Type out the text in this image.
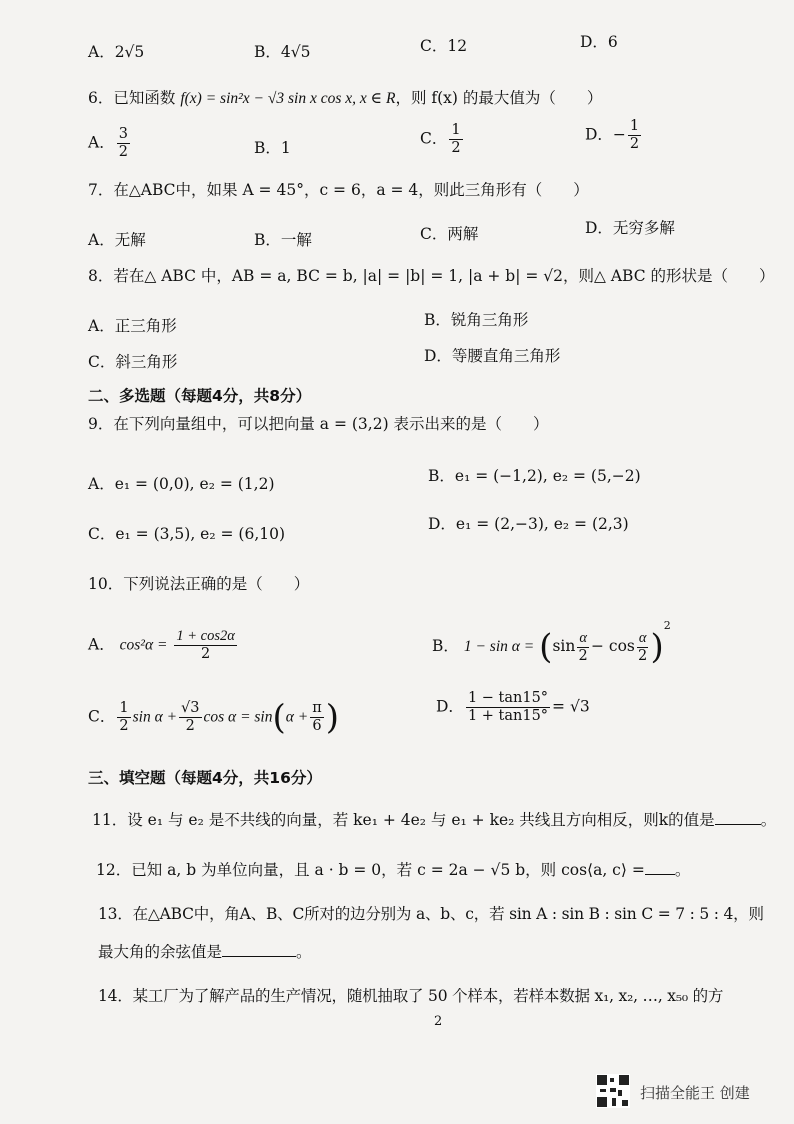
A．2√5	B．4√5	C．12	D．6
6．已知函数 f(x) = sin²x − √3 sin x cos x, x ∈ R，则 f(x) 的最大值为（　　）
A． $\frac{3}{2}$	B．1
C． $\frac{1}{2}$	D．− $\frac{1}{2}$
7．在△ABC中，如果 A = 45°，c = 6，a = 4，则此三角形有（　　）
A．无解	B．一解	C．两解	D．无穷多解
8．若在△ ABC 中，AB = a, BC = b, |a| = |b| = 1, |a + b| = √2，则△ ABC 的形状是（　　）
A．正三角形	B．锐角三角形
C．斜三角形	D．等腰直角三角形
二、多选题（每题4分，共8分）
9．在下列向量组中，可以把向量 a = (3,2) 表示出来的是（　　）
A．e₁ = (0,0), e₂ = (1,2)	B．e₁ = (−1,2), e₂ = (5,−2)
C．e₁ = (3,5), e₂ = (6,10)
D．e₁ = (2,−3), e₂ = (2,3)
10．下列说法正确的是（　　）
A． $\cos^2\alpha = \frac{1 + \cos 2\alpha}{2}$	B． $1 - \sin \alpha = (\sin \frac{\alpha}{2} - \cos \frac{\alpha}{2} )^2$
C． $\frac{1}{2}$ $\sin \alpha + \frac{√3}{2}$ $\cos \alpha = \sin(\alpha + \frac{\pi}{6}$ )	D． $\frac{1 - \tan 15^\circ}{1 + \tan 15^\circ} = √3$
三、填空题（每题4分，共16分）
11．设 e₁ 与 e₂ 是不共线的向量，若 ke₁ + 4e₂ 与 e₁ + ke₂ 共线且方向相反，则k的值是	。
12．已知 a, b 为单位向量，且 a · b = 0，若 c = 2a − √5 b，则 cos⟨a, c⟩ = 。
13．在△ABC中，角A、B、C所对的边分别为 a、b、c，若 sin A : sin B : sin C = 7 : 5 : 4，则
最大角的余弦值是	。
14．某工厂为了解产品的生产情况，随机抽取了 50 个样本，若样本数据 x₁, x₂, …, x₅₀ 的方
2
扫描全能王 创建
